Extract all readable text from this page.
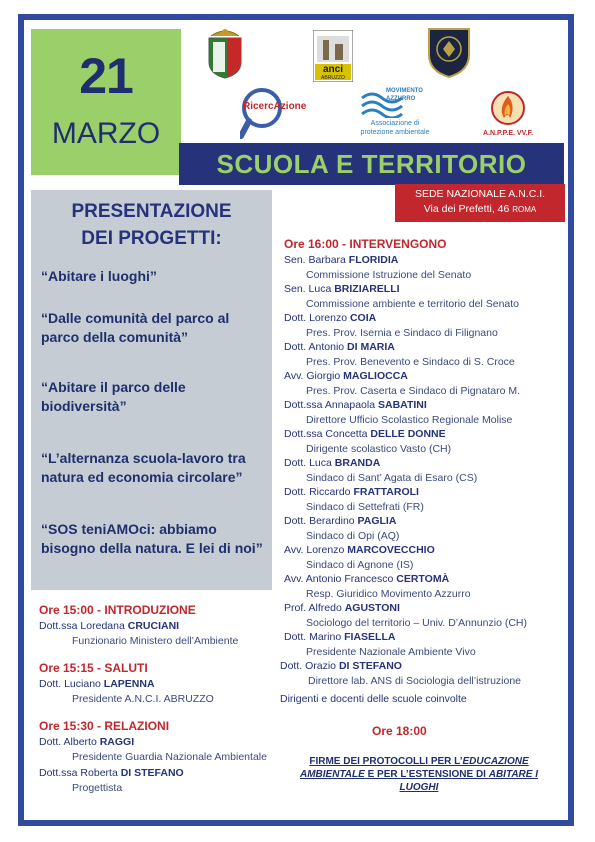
21
MARZO
anci
ABRUZZO
RicercAzione
MOVIMENTO
AZZURRO
Associazione di
protezione ambientale	A.N.P.P.E. VV.F.
SCUOLA E TERRITORIO
SEDE NAZIONALE A.N.C.I.
Via dei Prefetti, 46 ROMA
PRESENTAZIONE
DEI PROGETTI:
“Abitare i luoghi”
“Dalle comunità del parco al parco della comunità”
“Abitare il parco delle biodiversità”
“L’alternanza scuola-lavoro tra natura ed economia circolare”
“SOS teniAMOci: abbiamo bisogno della natura. E lei di noi”
Ore 15:00 - INTRODUZIONE
Dott.ssa Loredana CRUCIANI
Funzionario Ministero dell’Ambiente
Ore 15:15 - SALUTI
Dott. Luciano LAPENNA
Presidente A.N.C.I. ABRUZZO
Ore 15:30 - RELAZIONI
Dott. Alberto RAGGI
Presidente Guardia Nazionale Ambientale
Dott.ssa Roberta DI STEFANO
Progettista
Ore 16:00 - INTERVENGONO
Sen. Barbara FLORIDIA
Commissione Istruzione del Senato
Sen. Luca BRIZIARELLI
Commissione ambiente e territorio del Senato
Dott. Lorenzo COIA
Pres. Prov. Isernia e Sindaco di Filignano
Dott. Antonio DI MARIA
Pres. Prov. Benevento e Sindaco di S. Croce
Avv. Giorgio MAGLIOCCA
Pres. Prov. Caserta e Sindaco di Pignataro M.
Dott.ssa Annapaola SABATINI
Direttore Ufficio Scolastico Regionale Molise
Dott.ssa Concetta DELLE DONNE
Dirigente scolastico Vasto (CH)
Dott. Luca BRANDA
Sindaco di Sant’ Agata di Esaro (CS)
Dott. Riccardo FRATTAROLI
Sindaco di Settefrati (FR)
Dott. Berardino PAGLIA
Sindaco di Opi (AQ)
Avv. Lorenzo MARCOVECCHIO
Sindaco di Agnone (IS)
Avv. Antonio Francesco CERTOMÀ
Resp. Giuridico Movimento Azzurro
Prof. Alfredo AGUSTONI
Sociologo del territorio – Univ. D’Annunzio (CH)
Dott. Marino FIASELLA
Presidente Nazionale Ambiente Vivo
Dott. Orazio DI STEFANO
Direttore lab. ANS di Sociologia dell’istruzione
Dirigenti e docenti delle scuole coinvolte
Ore 18:00
FIRME DEI PROTOCOLLI PER L’EDUCAZIONE AMBIENTALE E PER L’ESTENSIONE DI ABITARE I LUOGHI
